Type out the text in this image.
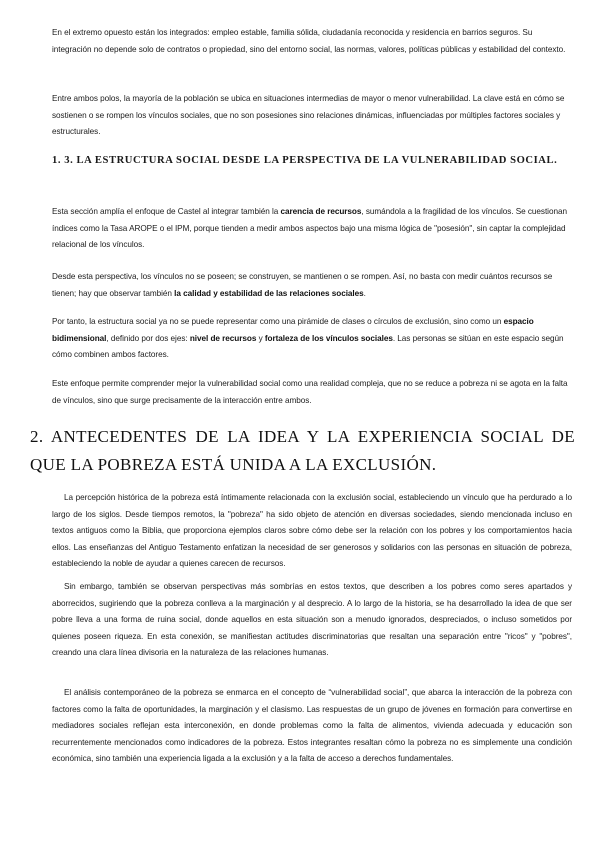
En el extremo opuesto están los integrados: empleo estable, familia sólida, ciudadanía reconocida y residencia en barrios seguros. Su integración no depende solo de contratos o propiedad, sino del entorno social, las normas, valores, políticas públicas y estabilidad del contexto.

Entre ambos polos, la mayoría de la población se ubica en situaciones intermedias de mayor o menor vulnerabilidad. La clave está en cómo se sostienen o se rompen los vínculos sociales, que no son posesiones sino relaciones dinámicas, influenciadas por múltiples factores sociales y estructurales.

1. 3. LA ESTRUCTURA SOCIAL DESDE LA PERSPECTIVA DE LA VULNERABILIDAD SOCIAL.

Esta sección amplía el enfoque de Castel al integrar también la carencia de recursos, sumándola a la fragilidad de los vínculos. Se cuestionan índices como la Tasa AROPE o el IPM, porque tienden a medir ambos aspectos bajo una misma lógica de "posesión", sin captar la complejidad relacional de los vínculos.

Desde esta perspectiva, los vínculos no se poseen; se construyen, se mantienen o se rompen. Así, no basta con medir cuántos recursos se tienen; hay que observar también la calidad y estabilidad de las relaciones sociales.

Por tanto, la estructura social ya no se puede representar como una pirámide de clases o círculos de exclusión, sino como un espacio bidimensional, definido por dos ejes: nivel de recursos y fortaleza de los vínculos sociales. Las personas se sitúan en este espacio según cómo combinen ambos factores.

Este enfoque permite comprender mejor la vulnerabilidad social como una realidad compleja, que no se reduce a pobreza ni se agota en la falta de vínculos, sino que surge precisamente de la interacción entre ambos.

2. ANTECEDENTES DE LA IDEA Y LA EXPERIENCIA SOCIAL DE QUE LA POBREZA ESTÁ UNIDA A LA EXCLUSIÓN.

La percepción histórica de la pobreza está íntimamente relacionada con la exclusión social, estableciendo un vínculo que ha perdurado a lo largo de los siglos. Desde tiempos remotos, la "pobreza" ha sido objeto de atención en diversas sociedades, siendo mencionada incluso en textos antiguos como la Biblia, que proporciona ejemplos claros sobre cómo debe ser la relación con los pobres y los comportamientos hacia ellos. Las enseñanzas del Antiguo Testamento enfatizan la necesidad de ser generosos y solidarios con las personas en situación de pobreza, estableciendo la noble de ayudar a quienes carecen de recursos.

Sin embargo, también se observan perspectivas más sombrías en estos textos, que describen a los pobres como seres apartados y aborrecidos, sugiriendo que la pobreza conlleva a la marginación y al desprecio. A lo largo de la historia, se ha desarrollado la idea de que ser pobre lleva a una forma de ruina social, donde aquellos en esta situación son a menudo ignorados, despreciados, o incluso sometidos por quienes poseen riqueza. En esta conexión, se manifiestan actitudes discriminatorias que resaltan una separación entre "ricos" y "pobres", creando una clara línea divisoria en la naturaleza de las relaciones humanas.

El análisis contemporáneo de la pobreza se enmarca en el concepto de “vulnerabilidad social”, que abarca la interacción de la pobreza con factores como la falta de oportunidades, la marginación y el clasismo. Las respuestas de un grupo de jóvenes en formación para convertirse en mediadores sociales reflejan esta interconexión, en donde problemas como la falta de alimentos, vivienda adecuada y educación son recurrentemente mencionados como indicadores de la pobreza. Estos integrantes resaltan cómo la pobreza no es simplemente una condición económica, sino también una experiencia ligada a la exclusión y a la falta de acceso a derechos fundamentales.
